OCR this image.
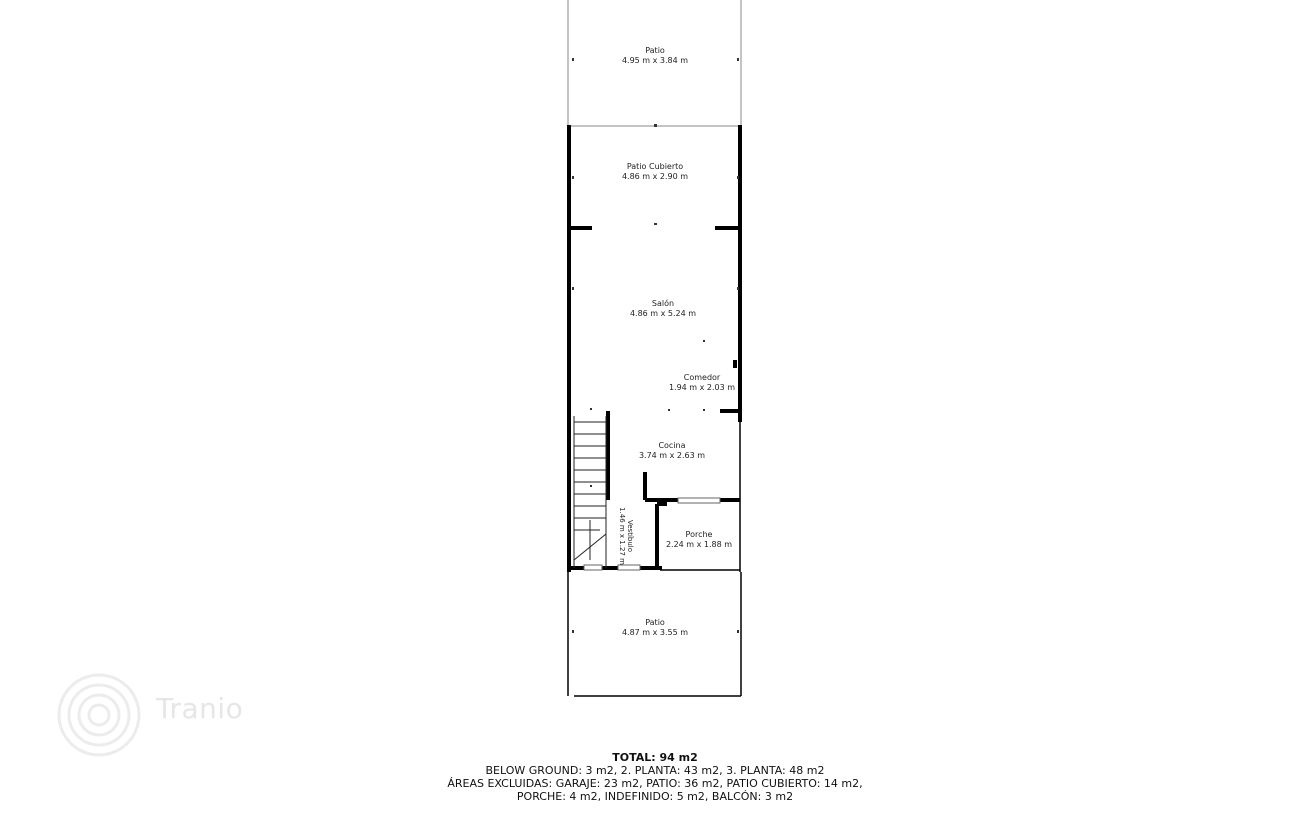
Patio
4.95 m x 3.84 m
Patio Cubierto
4.86 m x 2.90 m
Salón
4.86 m x 5.24 m
Comedor
1.94 m x 2.03 m
Cocina
3.74 m x 2.63 m
Vestíbulo
1.46 m x 1.27 m	Porche
2.24 m x 1.88 m
Patio
4.87 m x 3.55 m
Tranio
TOTAL: 94 m2
BELOW GROUND: 3 m2, 2. PLANTA: 43 m2, 3. PLANTA: 48 m2
ÁREAS EXCLUIDAS: GARAJE: 23 m2, PATIO: 36 m2, PATIO CUBIERTO: 14 m2,
PORCHE: 4 m2, INDEFINIDO: 5 m2, BALCÓN: 3 m2
